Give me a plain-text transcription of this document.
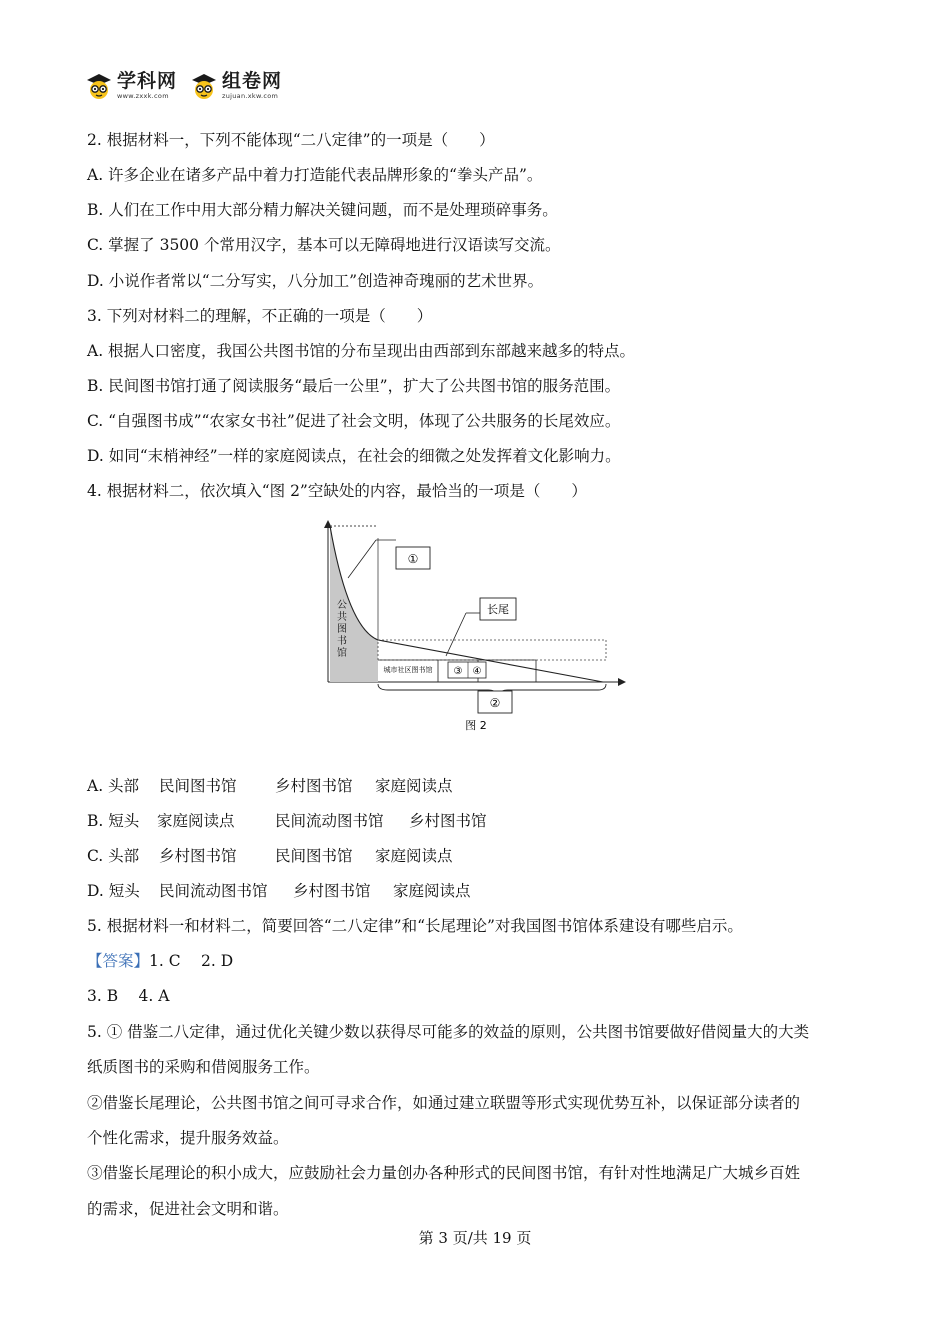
学科网
www.zxxk.com
组卷网
zujuan.xkw.com
2. 根据材料一，下列不能体现“二八定律”的一项是（　　）
A. 许多企业在诸多产品中着力打造能代表品牌形象的“拳头产品”。
B. 人们在工作中用大部分精力解决关键问题，而不是处理琐碎事务。
C. 掌握了 3500 个常用汉字，基本可以无障碍地进行汉语读写交流。
D. 小说作者常以“二分写实，八分加工”创造神奇瑰丽的艺术世界。
3. 下列对材料二的理解，不正确的一项是（　　）
A. 根据人口密度，我国公共图书馆的分布呈现出由西部到东部越来越多的特点。
B. 民间图书馆打通了阅读服务“最后一公里”，扩大了公共图书馆的服务范围。
C. “自强图书成”“农家女书社”促进了社会文明，体现了公共服务的长尾效应。
D. 如同“末梢神经”一样的家庭阅读点，在社会的细微之处发挥着文化影响力。
4. 根据材料二，依次填入“图 2”空缺处的内容，最恰当的一项是（　　）
①
公共图书馆
城市社区图书馆 ③ ④
长尾
②
图 2
A. 头部 民间图书馆 乡村图书馆 家庭阅读点
B. 短头 家庭阅读点	民间流动图书馆 乡村图书馆
C. 头部 乡村图书馆 民间图书馆 家庭阅读点
D. 短头 民间流动图书馆 乡村图书馆 家庭阅读点
5. 根据材料一和材料二，简要回答“二八定律”和“长尾理论”对我国图书馆体系建设有哪些启示。
【答案】1. C　 2. D
3. B　 4. A
5. ① 借鉴二八定律，通过优化关键少数以获得尽可能多的效益的原则，公共图书馆要做好借阅量大的大类
纸质图书的采购和借阅服务工作。
②借鉴长尾理论，公共图书馆之间可寻求合作，如通过建立联盟等形式实现优势互补，以保证部分读者的
个性化需求，提升服务效益。
③借鉴长尾理论的积小成大，应鼓励社会力量创办各种形式的民间图书馆，有针对性地满足广大城乡百姓
的需求，促进社会文明和谐。
第 3 页/共 19 页
